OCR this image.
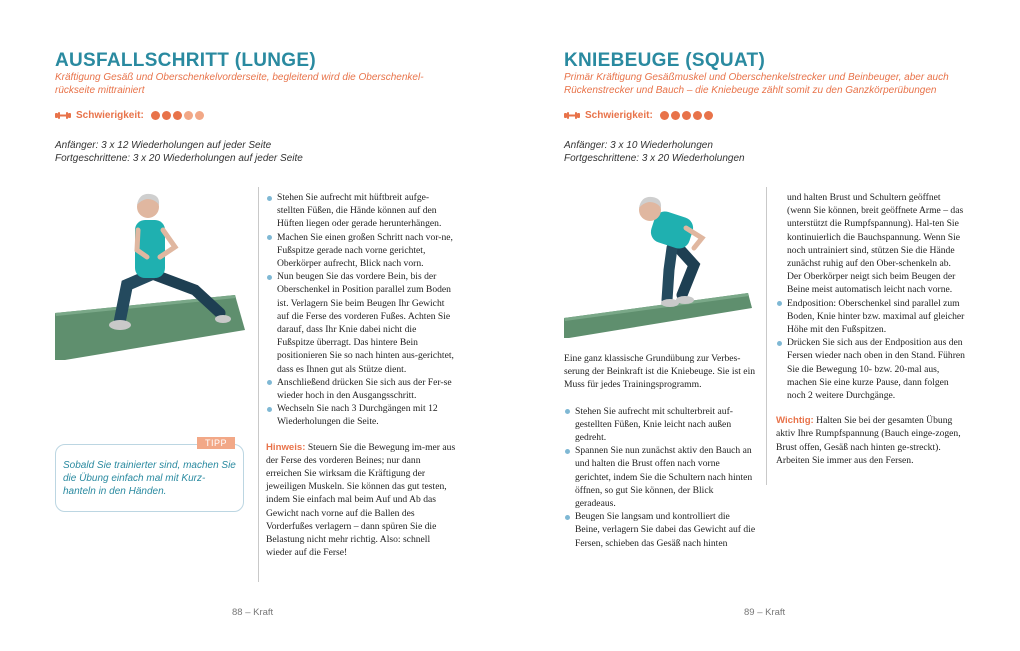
AUSFALLSCHRITT (LUNGE)
Kräftigung Gesäß und Oberschenkelvorderseite, begleitend wird die Oberschenkel-rückseite mittrainiert
Schwierigkeit:
Anfänger: 3 x 12 Wiederholungen auf jeder Seite
Fortgeschrittene: 3 x 20 Wiederholungen auf jeder Seite
TIPP
Sobald Sie trainierter sind, machen Sie die Übung einfach mal mit Kurz-hanteln in den Händen.
Stehen Sie aufrecht mit hüftbreit aufge-stellten Füßen, die Hände können auf den Hüften liegen oder gerade herunterhängen.
Machen Sie einen großen Schritt nach vor-ne, Fußspitze gerade nach vorne gerichtet, Oberkörper aufrecht, Blick nach vorn.
Nun beugen Sie das vordere Bein, bis der Oberschenkel in Position parallel zum Boden ist. Verlagern Sie beim Beugen Ihr Gewicht auf die Ferse des vorderen Fußes. Achten Sie darauf, dass Ihr Knie dabei nicht die Fußspitze überragt. Das hintere Bein positionieren Sie so nach hinten aus-gerichtet, dass es Ihnen gut als Stütze dient.
Anschließend drücken Sie sich aus der Fer-se wieder hoch in den Ausgangsschritt.
Wechseln Sie nach 3 Durchgängen mit 12 Wiederholungen die Seite.

Hinweis: Steuern Sie die Bewegung im-mer aus der Ferse des vorderen Beines; nur dann erreichen Sie wirksam die Kräftigung der jeweiligen Muskeln. Sie können das gut testen, indem Sie einfach mal beim Auf und Ab das Gewicht nach vorne auf die Ballen des Vorderfußes verlagern – dann spüren Sie die Belastung nicht mehr richtig. Also: schnell wieder auf die Ferse!

88 – Kraft
KNIEBEUGE (SQUAT)
Primär Kräftigung Gesäßmuskel und Oberschenkelstrecker und Beinbeuger, aber auch Rückenstrecker und Bauch – die Kniebeuge zählt somit zu den Ganzkörperübungen
Schwierigkeit:
Anfänger: 3 x 10 Wiederholungen
Fortgeschrittene: 3 x 20 Wiederholungen

Eine ganz klassische Grundübung zur Verbes-serung der Beinkraft ist die Kniebeuge. Sie ist ein Muss für jedes Trainingsprogramm.

Stehen Sie aufrecht mit schulterbreit auf-gestellten Füßen, Knie leicht nach außen gedreht.
Spannen Sie nun zunächst aktiv den Bauch an und halten die Brust offen nach vorne gerichtet, indem Sie die Schultern nach hinten öffnen, so gut Sie können, der Blick geradeaus.
Beugen Sie langsam und kontrolliert die Beine, verlagern Sie dabei das Gewicht auf die Fersen, schieben das Gesäß nach hinten

und halten Brust und Schultern geöffnet (wenn Sie können, breit geöffnete Arme – das unterstützt die Rumpfspannung). Hal-ten Sie kontinuierlich die Bauchspannung. Wenn Sie noch untrainiert sind, stützen Sie die Hände zunächst ruhig auf den Ober-schenkeln ab. Der Oberkörper neigt sich beim Beugen der Beine meist automatisch leicht nach vorne.

Endposition: Oberschenkel sind parallel zum Boden, Knie hinter bzw. maximal auf gleicher Höhe mit den Fußspitzen.
Drücken Sie sich aus der Endposition aus den Fersen wieder nach oben in den Stand. Führen Sie die Bewegung 10- bzw. 20-mal aus, machen Sie eine kurze Pause, dann folgen noch 2 weitere Durchgänge.

Wichtig: Halten Sie bei der gesamten Übung aktiv Ihre Rumpfspannung (Bauch einge-zogen, Brust offen, Gesäß nach hinten ge-streckt). Arbeiten Sie immer aus den Fersen.

89 – Kraft
